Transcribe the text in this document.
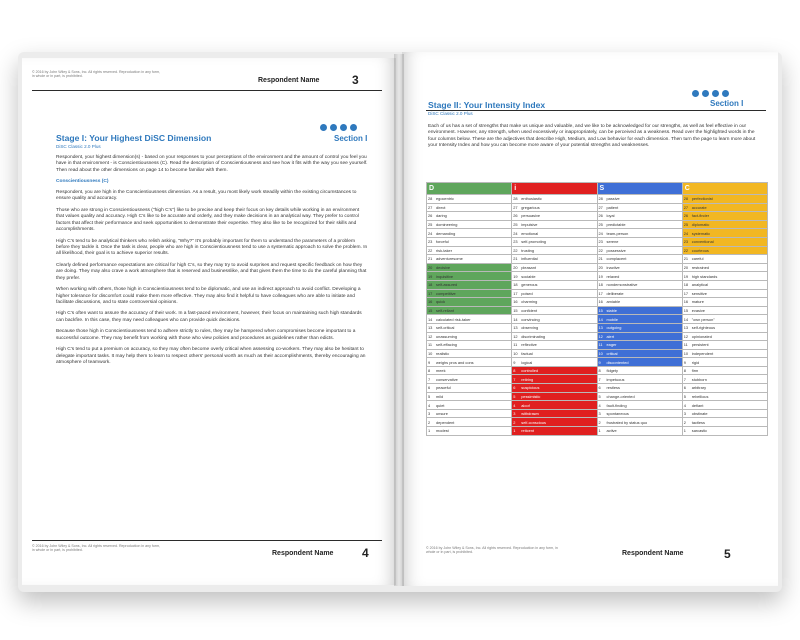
© 2016 by John Wiley & Sons, Inc. All rights reserved. Reproduction in any form, in whole or in part, is prohibited.
Respondent Name	3
Section I
Stage I: Your Highest DiSC Dimension
DiSC Classic 2.0 Plus

Respondent, your highest dimension(s) - based on your responses to your perceptions of the environment and the amount of control you feel you have in that environment - is Conscientiousness (C). Read the description of Conscientiousness and see how it fits with the way you see yourself. Then read about the other dimensions on page 14 to become familiar with them.

Conscientiousness (C)

Respondent, you are high in the Conscientiousness dimension. As a result, you most likely work steadily within the existing circumstances to ensure quality and accuracy.

Those who are strong in Conscientiousness ("high C's") like to be precise and keep their focus on key details while working in an environment that values quality and accuracy. High C's like to be accurate and orderly, and they make decisions in an analytical way. They prefer to control factors that affect their performance and seek opportunities to demonstrate their expertise. They also like to be recognized for their skills and accomplishments.

High C's tend to be analytical thinkers who relish asking, "Why?" It's probably important for them to understand the parameters of a problem before they tackle it. Once the task is clear, people who are high in Conscientiousness tend to use a systematic approach to solve the problem. In all likelihood, their goal is to achieve superior results.

Clearly defined performance expectations are critical for high C's, so they may try to avoid surprises and request specific feedback on how they are doing. They may also crave a work atmosphere that is reserved and businesslike, and that gives them the time to do the careful planning that they prefer.

When working with others, those high in Conscientiousness tend to be diplomatic, and use an indirect approach to avoid conflict. Developing a higher tolerance for discomfort could make them more effective. They may also find it helpful to have colleagues who are able to initiate and facilitate discussions, and to state controversial opinions.

High C's often want to assure the accuracy of their work. In a fast-paced environment, however, their focus on maintaining such high standards can backfire. In this case, they may need colleagues who can provide quick decisions.

Because those high in Conscientiousness tend to adhere strictly to rules, they may be hampered when compromises become important to a successful outcome. They may benefit from working with those who view policies and procedures as guidelines rather than edicts.

High C's tend to put a premium on accuracy, so they may often become overly critical when assessing co-workers. They may also be hesitant to delegate important tasks. It may help them to learn to respect others' personal worth as much as their accomplishments, thereby encouraging an atmosphere of teamwork.

© 2016 by John Wiley & Sons, Inc. All rights reserved. Reproduction in any form, in whole or in part, is prohibited.	Respondent Name 4
Section I
Stage II: Your Intensity Index
DiSC Classic 2.0 Plus
Each of us has a set of strengths that make us unique and valuable, and we like to be acknowledged for our strengths, as well as feel effective in our environment. However, any strength, when used excessively or inappropriately, can be perceived as a weakness. Read over the highlighted words in the four columns below. These are the adjectives that describe High, Medium, and Low behavior for each dimension. Then turn the page to learn more about your Intensity Index and how you can become more aware of your potential strengths and weaknesses.
D	i	S	C
28 egocentric	28 enthusiastic	28 passive	28 perfectionist
27 direct	27 gregarious	27 patient	27 accurate
26 daring	26 persuasive	26 loyal	26 fact-finder
25 domineering	25 impulsive	25 predictable	25 diplomatic
24 demanding	24 emotional	24 team-person	24 systematic
23 forceful	23 self-promoting	23 serene	23 conventional
22 risk-taker	22 trusting	22 possessive	22 courteous
21 adventuresome	21 influential	21 complacent	21 careful
20 decisive	20 pleasant	20 inactive	20 restrained
19 inquisitive	19 sociable	19 relaxed	19 high standards
18 self-assured	18 generous	18 nondemonstrative	18 analytical
17 competitive	17 poised	17 deliberate	17 sensitive
16 quick	16 charming	16 amiable	16 mature
15 self-reliant	15 confident	15 stable	15 evasive
14 calculated risk-taker	14 convincing	14 mobile	14 "own person"
13 self-critical	13 observing	13 outgoing	13 self-righteous
12 unassuming	12 discriminating	12 alert	12 opinionated
11 self-effacing	11 reflective	11 eager	11 persistent
10 realistic	10 factual	10 critical	10 independent
9 weighs pros and cons	9 logical	9 discontented	9 rigid
8 meek	8 controlled	8 fidgety	8 firm
7 conservative	7 retiring	7 impetuous	7 stubborn
6 peaceful	6 suspicious	6 restless	6 arbitrary
5 mild	5 pessimistic	5 change-oriented	5 rebellious
4 quiet	4 aloof	4 fault-finding	4 defiant
3 unsure	3 withdrawn	3 spontaneous	3 obstinate
2 dependent	2 self-conscious	2 frustrated by status quo	2 tactless
1 modest	1 reticent	1 active	1 sarcastic
© 2016 by John Wiley & Sons, Inc. All rights reserved. Reproduction in any form, in whole or in part, is prohibited.	Respondent Name	5
